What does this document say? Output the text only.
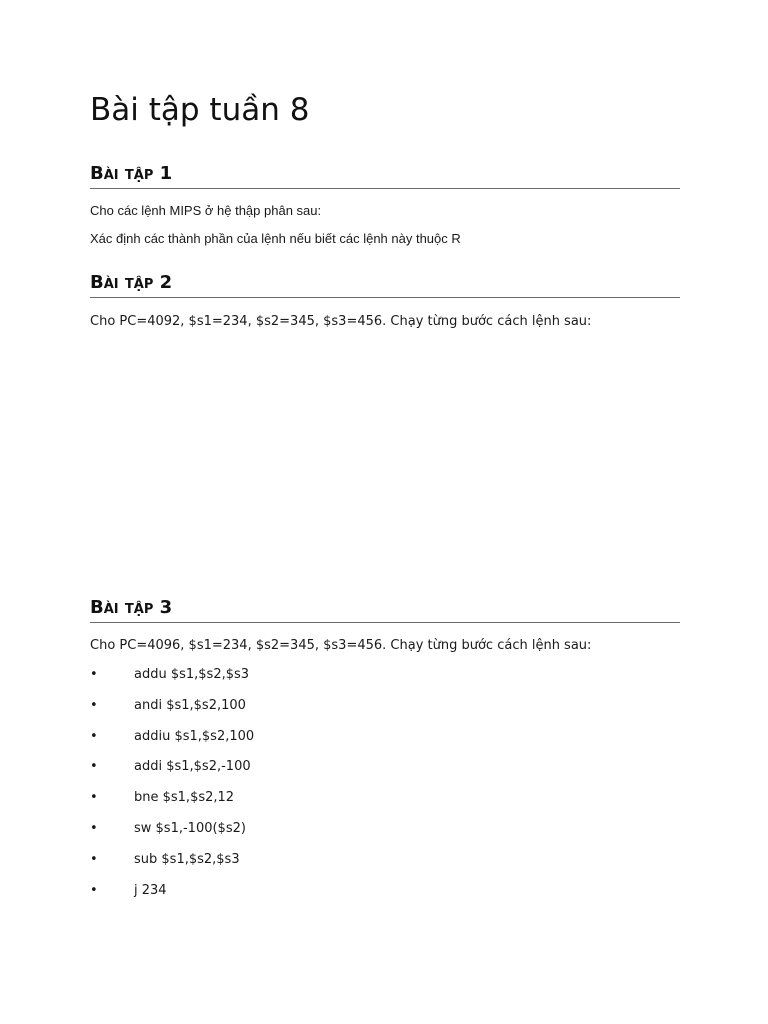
Bài tập tuần 8
Bài tập 1

Cho các lệnh MIPS ở hệ thập phân sau:

Xác định các thành phần của lệnh nếu biết các lệnh này thuộc R

Bài tập 2

Cho PC=4092, $s1=234, $s2=345, $s3=456. Chạy từng bước cách lệnh sau:

Bài tập 3

Cho PC=4096, $s1=234, $s2=345, $s3=456. Chạy từng bước cách lệnh sau:

•	addu $s1,$s2,$s3
•	andi $s1,$s2,100
•	addiu $s1,$s2,100
•	addi $s1,$s2,-100
•	bne $s1,$s2,12
•	sw $s1,-100($s2)
•	sub $s1,$s2,$s3
•	j 234
